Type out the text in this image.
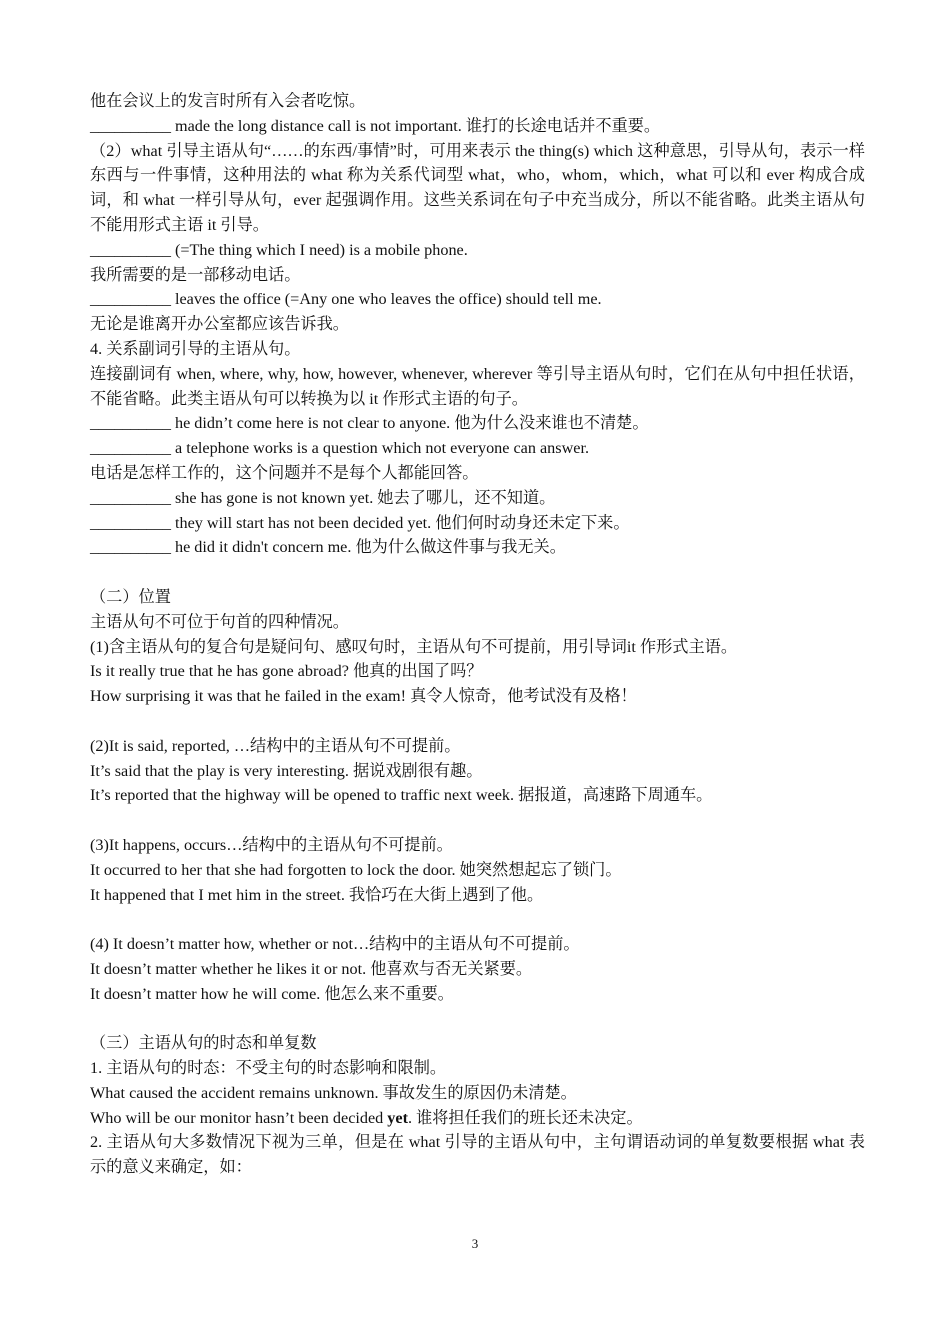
他在会议上的发言时所有入会者吃惊。
__________ made the long distance call is not important. 谁打的长途电话并不重要。
（2）what 引导主语从句“……的东西/事情”时，可用来表示 the thing(s) which 这种意思，引导从句，表示一样东西与一件事情，这种用法的 what 称为关系代词型 what，who，whom，which，what 可以和 ever 构成合成词，和 what 一样引导从句，ever 起强调作用。这些关系词在句子中充当成分，所以不能省略。此类主语从句不能用形式主语 it 引导。
__________ (=The thing which I need) is a mobile phone.
我所需要的是一部移动电话。
__________ leaves the office (=Any one who leaves the office) should tell me.
无论是谁离开办公室都应该告诉我。
4. 关系副词引导的主语从句。
连接副词有 when, where, why, how, however, whenever, wherever 等引导主语从句时，它们在从句中担任状语，不能省略。此类主语从句可以转换为以 it 作形式主语的句子。
__________ he didn’t come here is not clear to anyone. 他为什么没来谁也不清楚。
__________ a telephone works is a question which not everyone can answer.
电话是怎样工作的，这个问题并不是每个人都能回答。
__________ she has gone is not known yet. 她去了哪儿，还不知道。
__________ they will start has not been decided yet. 他们何时动身还未定下来。
__________ he did it didn't concern me. 他为什么做这件事与我无关。
（二）位置
主语从句不可位于句首的四种情况。
(1)含主语从句的复合句是疑问句、感叹句时，主语从句不可提前，用引导词it 作形式主语。
Is it really true that he has gone abroad? 他真的出国了吗？
How surprising it was that he failed in the exam! 真令人惊奇，他考试没有及格！
(2)It is said, reported, …结构中的主语从句不可提前。
It’s said that the play is very interesting. 据说戏剧很有趣。
It’s reported that the highway will be opened to traffic next week. 据报道，高速路下周通车。
(3)It happens, occurs…结构中的主语从句不可提前。
It occurred to her that she had forgotten to lock the door. 她突然想起忘了锁门。
It happened that I met him in the street. 我恰巧在大街上遇到了他。
(4) It doesn’t matter how, whether or not…结构中的主语从句不可提前。
It doesn’t matter whether he likes it or not. 他喜欢与否无关紧要。
It doesn’t matter how he will come. 他怎么来不重要。
（三）主语从句的时态和单复数
1. 主语从句的时态：不受主句的时态影响和限制。
What caused the accident remains unknown. 事故发生的原因仍未清楚。
Who will be our monitor hasn’t been decided yet. 谁将担任我们的班长还未决定。
2. 主语从句大多数情况下视为三单，但是在 what 引导的主语从句中，主句谓语动词的单复数要根据 what 表示的意义来确定，如：
3
